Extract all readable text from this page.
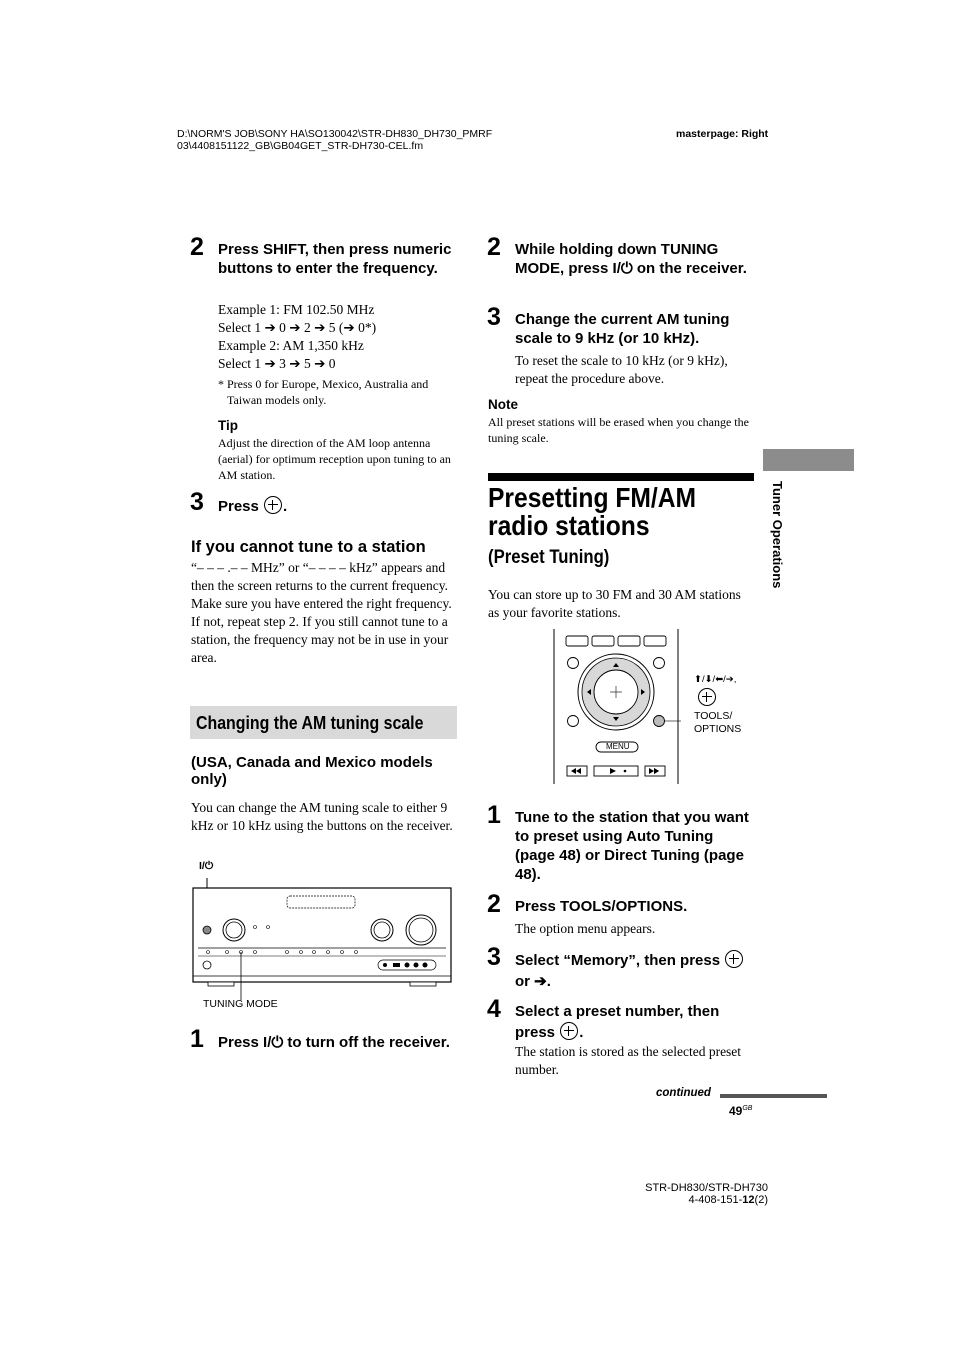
D:\NORM'S JOB\SONY HA\SO130042\STR-DH830_DH730_PMRF
03\4408151122_GB\GB04GET_STR-DH730-CEL.fm
masterpage: Right
2 Press SHIFT, then press numeric buttons to enter the frequency.
Example 1: FM 102.50 MHz
Select 1 ➔ 0 ➔ 2 ➔ 5 (➔ 0*)
Example 2: AM 1,350 kHz
Select 1 ➔ 3 ➔ 5 ➔ 0
* Press 0 for Europe, Mexico, Australia and Taiwan models only.
Tip
Adjust the direction of the AM loop antenna (aerial) for optimum reception upon tuning to an AM station.
3 Press .
If you cannot tune to a station
“– – – .– – MHz” or “– – – – kHz” appears and then the screen returns to the current frequency.
Make sure you have entered the right frequency. If not, repeat step 2. If you still cannot tune to a station, the frequency may not be in use in your area.
Changing the AM tuning scale
(USA, Canada and Mexico models only)
You can change the AM tuning scale to either 9 kHz or 10 kHz using the buttons on the receiver.
I/⏻
TUNING MODE
1 Press I/⏻ to turn off the receiver.
2 While holding down TUNING MODE, press I/⏻ on the receiver.
3 Change the current AM tuning scale to 9 kHz (or 10 kHz).
To reset the scale to 10 kHz (or 9 kHz), repeat the procedure above.
Note
All preset stations will be erased when you change the tuning scale.
Presetting FM/AM radio stations
(Preset Tuning)
You can store up to 30 FM and 30 AM stations as your favorite stations.
MENU
⬆/⬇/⬅/➔,
TOOLS/
OPTIONS
1 Tune to the station that you want to preset using Auto Tuning (page 48) or Direct Tuning (page 48).
2 Press TOOLS/OPTIONS.
The option menu appears.
3 Select “Memory”, then press  or ➔.
4 Select a preset number, then press .
The station is stored as the selected preset number.
continued
$49^{GB}$
Tuner Operations
STR-DH830/STR-DH730
4-408-151-12(2)
